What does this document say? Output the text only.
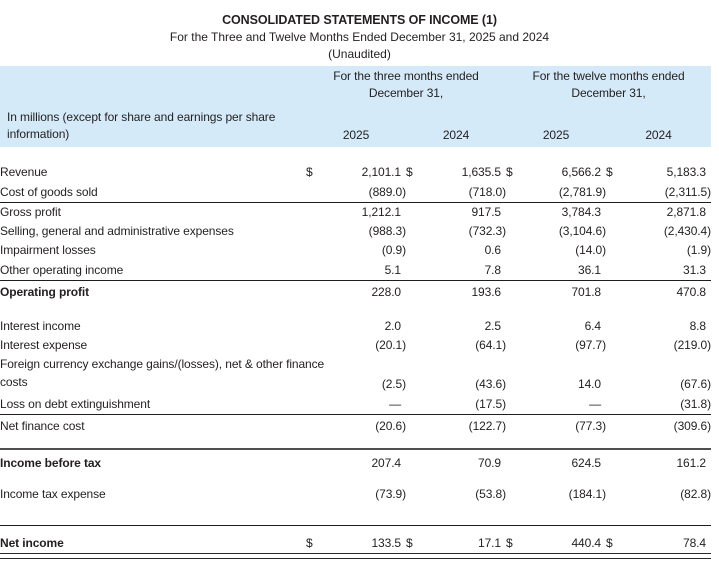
CONSOLIDATED STATEMENTS OF INCOME (1)
For the Three and Twelve Months Ended December 31, 2025 and 2024
(Unaudited)
	For the three months ended				For the twelve months ended			
	December 31,				December 31,			
In millions (except for share and earnings per share information)	2025		2024		2025		2024	
Revenue	$	2,101.1	$	1,635.5	$	6,566.2	$	5,183.3
Cost of goods sold		(889.0)		(718.0)		(2,781.9)		(2,311.5)
Gross profit		1,212.1		917.5		3,784.3		2,871.8
Selling, general and administrative expenses		(988.3)		(732.3)		(3,104.6)		(2,430.4)
Impairment losses		(0.9)		0.6		(14.0)		(1.9)
Other operating income		5.1		7.8		36.1		31.3
Operating profit		228.0		193.6		701.8		470.8

Interest income		2.0		2.5		6.4		8.8
Interest expense		(20.1)		(64.1)		(97.7)		(219.0)

Foreign currency exchange gains/(losses), net & other finance costs		(2.5)		(43.6)		14.0		(67.6)
Loss on debt extinguishment		—		(17.5)		—		(31.8)
Net finance cost		(20.6)		(122.7)		(77.3)		(309.6)

Income before tax		207.4		70.9		624.5		161.2

Income tax expense		(73.9)		(53.8)		(184.1)		(82.8)

Net income	$	133.5	$	17.1	$	440.4	$	78.4
